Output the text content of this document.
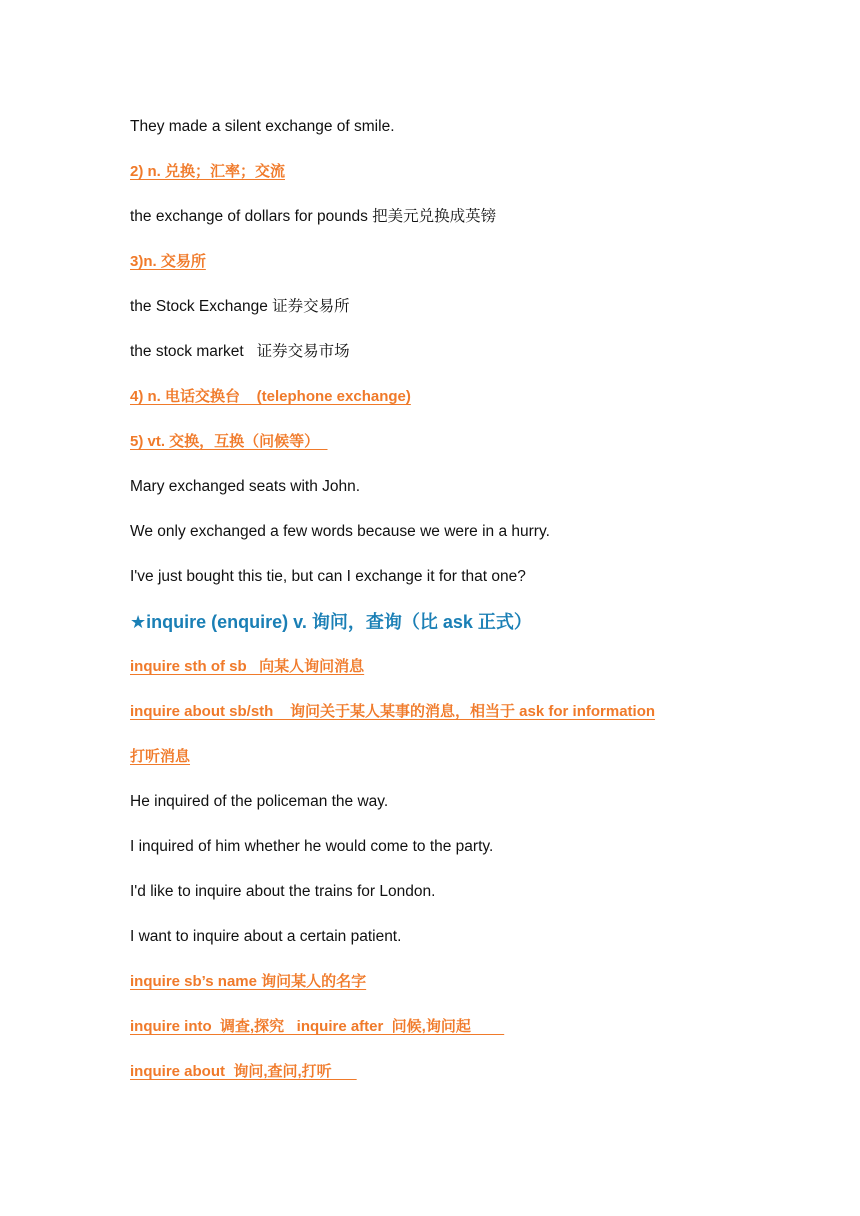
They made a silent exchange of smile.
2) n. 兑换；汇率；交流
the exchange of dollars for pounds 把美元兑换成英镑
3)n. 交易所
the Stock Exchange 证券交易所
the stock market   证券交易市场
4) n. 电话交换台    (telephone exchange)
5) vt. 交换，互换（问候等）
Mary exchanged seats with John.
We only exchanged a few words because we were in a hurry.
I've just bought this tie, but can I exchange it for that one?
★inquire (enquire) v. 询问，查询（比 ask 正式）
inquire sth of sb   向某人询问消息
inquire about sb/sth    询问关于某人某事的消息，相当于 ask for information
打听消息
He inquired of the policeman the way.
I inquired of him whether he would come to the party.
I'd like to inquire about the trains for London.
I want to inquire about a certain patient.
inquire sb’s name 询问某人的名字
inquire into  调查,探究   inquire after  问候,询问起
inquire about  询问,查问,打听
